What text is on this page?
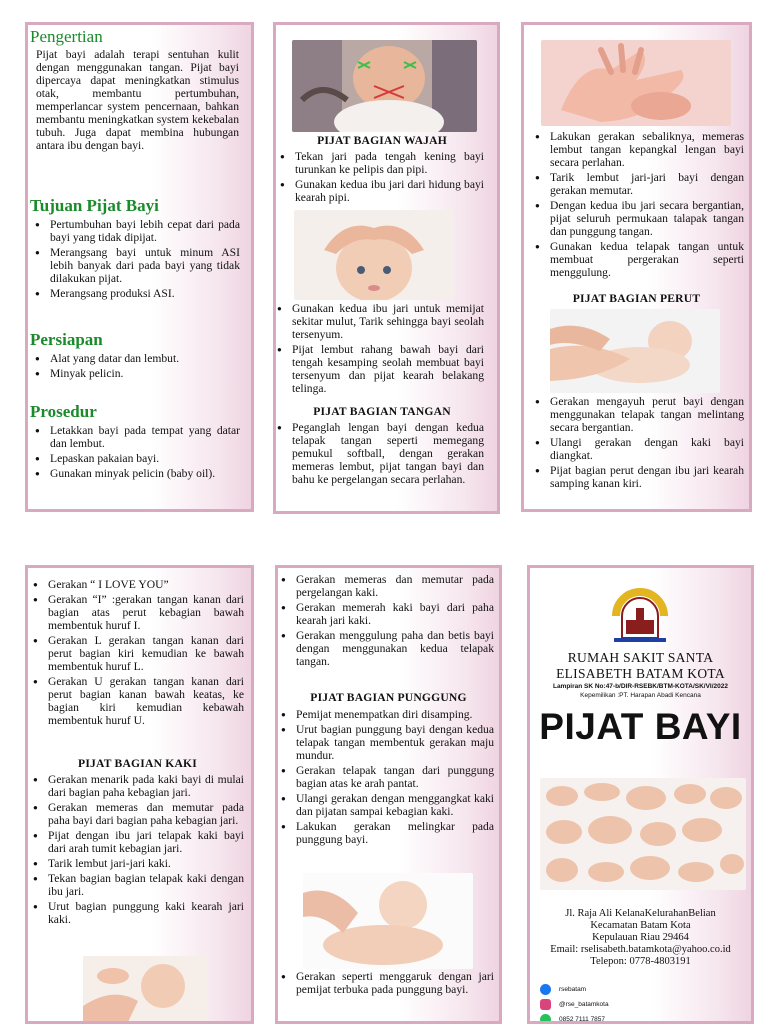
Pengertian
Pijat bayi adalah terapi sentuhan kulit dengan menggunakan tangan. Pijat bayi dipercaya dapat meningkatkan stimulus otak, membantu pertumbuhan, memperlancar system pencernaan, bahkan membantu meningkatkan system kekebalan tubuh. Juga dapat membina hubungan antara ibu dengan bayi.
Tujuan Pijat Bayi
● Pertumbuhan bayi lebih cepat dari pada bayi yang tidak dipijat.
● Merangsang bayi untuk minum ASI lebih banyak dari pada bayi yang tidak dilakukan pijat.
● Merangsang produksi ASI.
Persiapan
● Alat yang datar dan lembut.
● Minyak pelicin.
Prosedur
● Letakkan bayi pada tempat yang datar dan lembut.
● Lepaskan pakaian bayi.
● Gunakan minyak pelicin (baby oil).
PIJAT BAGIAN WAJAH
● Tekan jari pada tengah kening bayi turunkan ke pelipis dan pipi.
● Gunakan kedua ibu jari dari hidung bayi kearah pipi.
● Gunakan kedua ibu jari untuk memijat sekitar mulut, Tarik sehingga bayi seolah tersenyum.
● Pijat lembut rahang bawah bayi dari tengah kesamping seolah membuat bayi tersenyum dan pijat kearah belakang telinga.
PIJAT BAGIAN TANGAN
● Peganglah lengan bayi dengan kedua telapak tangan seperti memegang pemukul softball, dengan gerakan memeras lembut, pijat tangan bayi dan bahu ke pergelangan secara perlahan.
● Lakukan gerakan sebaliknya, memeras lembut tangan kepangkal lengan bayi secara perlahan.
● Tarik lembut jari-jari bayi dengan gerakan memutar.
● Dengan kedua ibu jari secara bergantian, pijat seluruh permukaan talapak tangan dan punggung tangan.
● Gunakan kedua telapak tangan untuk membuat pergerakan seperti menggulung.
PIJAT BAGIAN PERUT
● Gerakan mengayuh perut bayi dengan menggunakan telapak tangan melintang secara bergantian.
● Ulangi gerakan dengan kaki bayi diangkat.
● Pijat bagian perut dengan ibu jari kearah samping kanan kiri.
● Gerakan “ I LOVE YOU”
● Gerakan “I” :gerakan tangan kanan dari bagian atas perut kebagian bawah membentuk huruf I.
● Gerakan L gerakan tangan kanan dari perut bagian kiri kemudian ke bawah membentuk huruf L.
● Gerakan U gerakan tangan kanan dari perut bagian kanan bawah keatas, ke bagian kiri kemudian kebawah membentuk huruf U.
PIJAT BAGIAN KAKI
● Gerakan menarik pada kaki bayi di mulai dari bagian paha kebagian jari.
● Gerakan memeras dan memutar pada paha bayi dari bagian paha kebagian jari.
● Pijat dengan ibu jari telapak kaki bayi dari arah tumit kebagian jari.
● Tarik lembut jari-jari kaki.
● Tekan bagian bagian telapak kaki dengan ibu jari.
● Urut bagian punggung kaki kearah jari kaki.
● Gerakan memeras dan memutar pada pergelangan kaki.
● Gerakan memerah kaki bayi dari paha kearah jari kaki.
● Gerakan menggulung paha dan betis bayi dengan menggunakan kedua telapak tangan.
PIJAT BAGIAN PUNGGUNG
● Pemijat menempatkan diri disamping.
● Urut bagian punggung bayi dengan kedua telapak tangan membentuk gerakan maju mundur.
● Gerakan telapak tangan dari punggung bagian atas ke arah pantat.
● Ulangi gerakan dengan menggangkat kaki dan pijatan sampai kebagian kaki.
● Lakukan gerakan melingkar pada punggung bayi.
● Gerakan seperti menggaruk dengan jari pemijat terbuka pada punggung bayi.
RUMAH SAKIT SANTA
ELISABETH BATAM KOTA
Lampiran SK No:47-b/DIR-RSEBK/BTM-KOTA/SK/VI/2022
Kepemilikan :PT. Harapan Abadi Kencana
PIJAT BAYI
Jl. Raja Ali KelanaKelurahanBelian
Kecamatan Batam Kota
Kepulauan Riau 29464
Email: rselisabeth.batamkota@yahoo.co.id
Telepon: 0778-4803191
rsebatam
@rse_batamkota
0852 7111 7857
